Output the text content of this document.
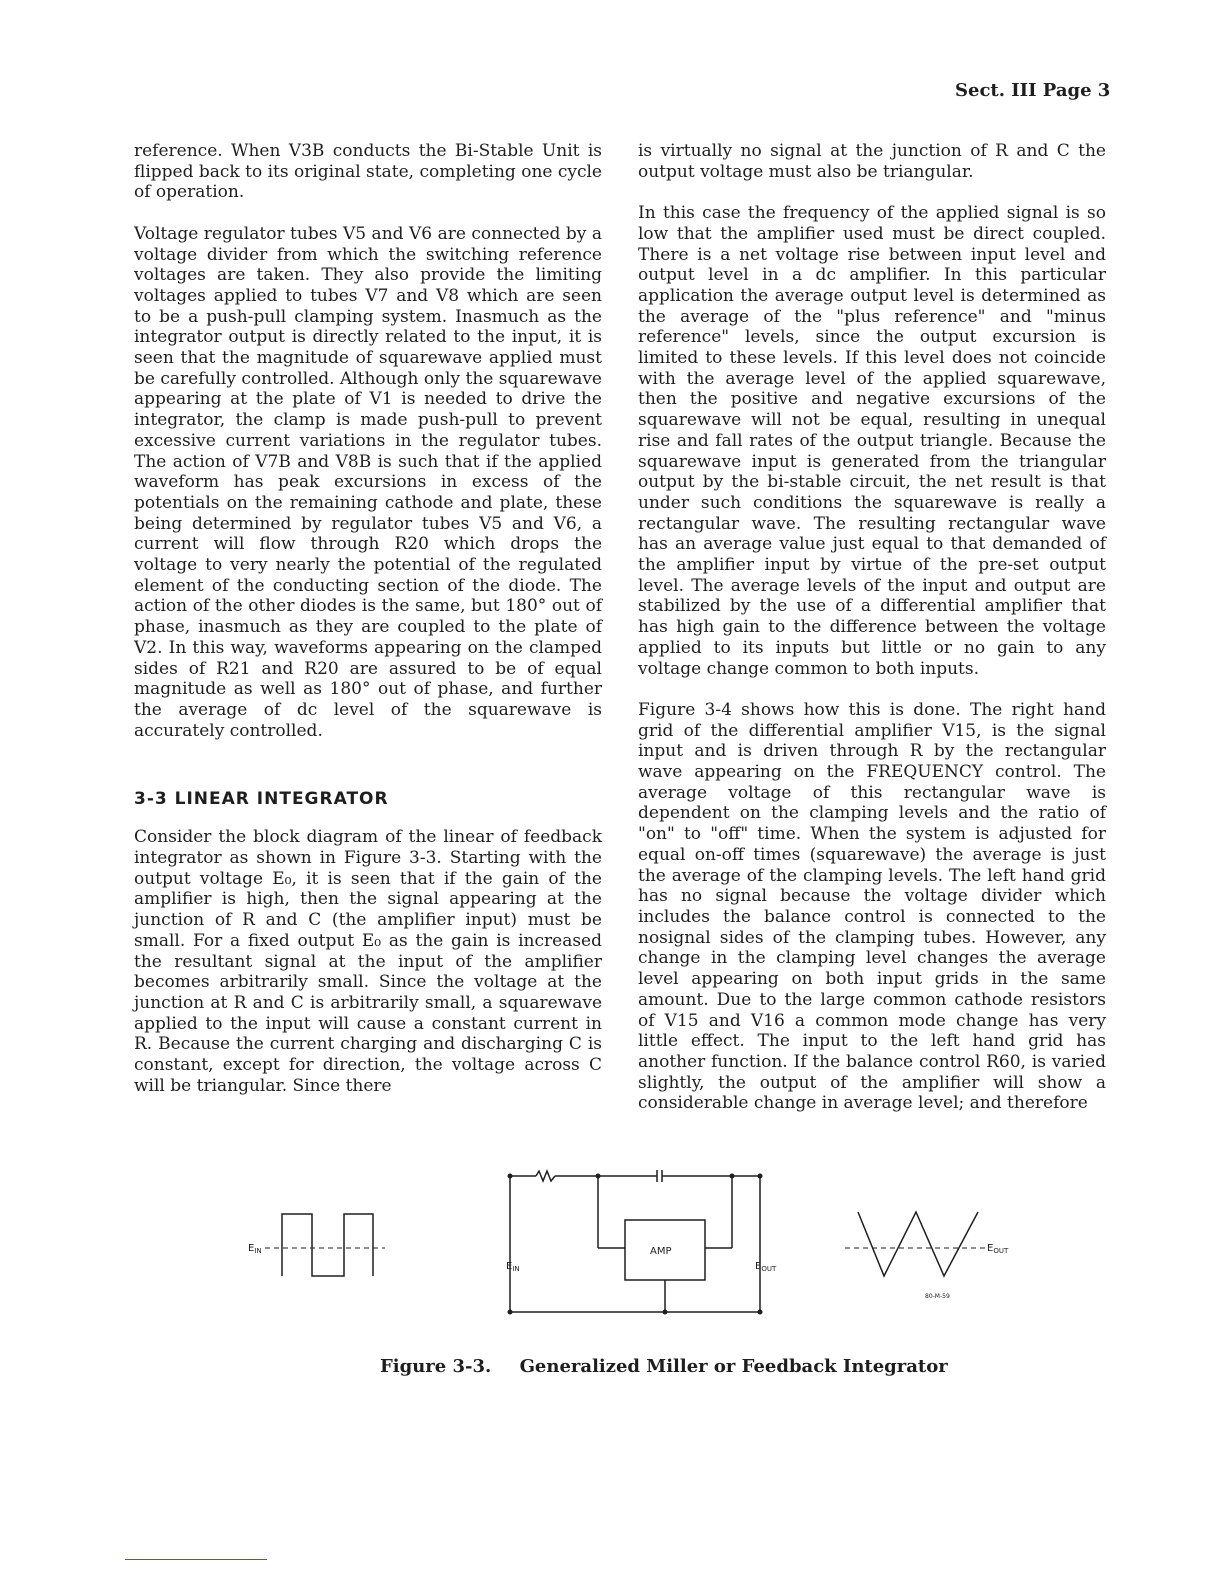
Sect. III Page 3

reference. When V3B conducts the Bi-Stable Unit is flipped back to its original state, completing one cycle of operation.

Voltage regulator tubes V5 and V6 are connected by a voltage divider from which the switching reference voltages are taken. They also provide the limiting voltages applied to tubes V7 and V8 which are seen to be a push-pull clamping system. Inasmuch as the integrator output is directly related to the input, it is seen that the magnitude of squarewave applied must be carefully controlled. Although only the squarewave appearing at the plate of V1 is needed to drive the integrator, the clamp is made push-pull to prevent excessive current variations in the regulator tubes. The action of V7B and V8B is such that if the applied waveform has peak excursions in excess of the potentials on the remaining cathode and plate, these being determined by regulator tubes V5 and V6, a current will flow through R20 which drops the voltage to very nearly the potential of the regulated element of the conducting section of the diode. The action of the other diodes is the same, but 180° out of phase, inasmuch as they are coupled to the plate of V2. In this way, waveforms appearing on the clamped sides of R21 and R20 are assured to be of equal magnitude as well as 180° out of phase, and further the average of dc level of the squarewave is accurately controlled.

3-3 LINEAR INTEGRATOR

Consider the block diagram of the linear of feedback integrator as shown in Figure 3-3. Starting with the output voltage E₀, it is seen that if the gain of the amplifier is high, then the signal appearing at the junction of R and C (the amplifier input) must be small. For a fixed output E₀ as the gain is increased the resultant signal at the input of the amplifier becomes arbitrarily small. Since the voltage at the junction at R and C is arbitrarily small, a squarewave applied to the input will cause a constant current in R. Because the current charging and discharging C is constant, except for direction, the voltage across C will be triangular. Since there

is virtually no signal at the junction of R and C the output voltage must also be triangular.

In this case the frequency of the applied signal is so low that the amplifier used must be direct coupled. There is a net voltage rise between input level and output level in a dc amplifier. In this particular application the average output level is determined as the average of the "plus reference" and "minus reference" levels, since the output excursion is limited to these levels. If this level does not coincide with the average level of the applied squarewave, then the positive and negative excursions of the squarewave will not be equal, resulting in unequal rise and fall rates of the output triangle. Because the squarewave input is generated from the triangular output by the bi-stable circuit, the net result is that under such conditions the squarewave is really a rectangular wave. The resulting rectangular wave has an average value just equal to that demanded of the amplifier input by virtue of the pre-set output level. The average levels of the input and output are stabilized by the use of a differential amplifier that has high gain to the difference between the voltage applied to its inputs but little or no gain to any voltage change common to both inputs.

Figure 3-4 shows how this is done. The right hand grid of the differential amplifier V15, is the signal input and is driven through R by the rectangular wave appearing on the FREQUENCY control. The average voltage of this rectangular wave is dependent on the clamping levels and the ratio of "on" to "off" time. When the system is adjusted for equal on-off times (squarewave) the average is just the average of the clamping levels. The left hand grid has no signal because the voltage divider which includes the balance control is connected to the nosignal sides of the clamping tubes. However, any change in the clamping level changes the average level appearing on both input grids in the same amount. Due to the large common cathode resistors of V15 and V16 a common mode change has very little effect. The input to the left hand grid has another function. If the balance control R60, is varied slightly, the output of the amplifier will show a considerable change in average level; and therefore

$E_{IN}$	AMP
$E_{IN}$	$E_{OUT}$
$E_{OUT}$
80-M-59
Figure 3-3. Generalized Miller or Feedback Integrator
